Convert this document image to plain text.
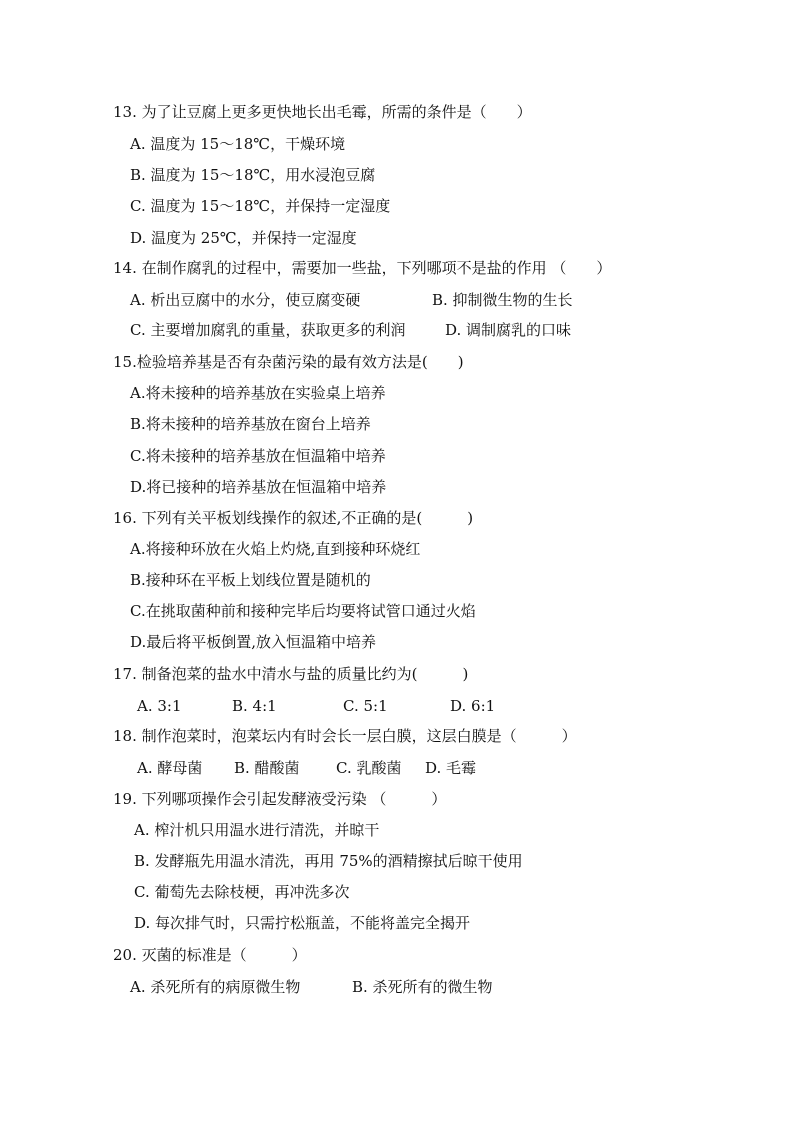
13. 为了让豆腐上更多更快地长出毛霉，所需的条件是（　　）
A. 温度为 15～18℃，干燥环境
B. 温度为 15～18℃，用水浸泡豆腐
C. 温度为 15～18℃，并保持一定湿度
D. 温度为 25℃，并保持一定湿度
14. 在制作腐乳的过程中，需要加一些盐，下列哪项不是盐的作用 （　　）
A. 析出豆腐中的水分，使豆腐变硬	B. 抑制微生物的生长
C. 主要增加腐乳的重量，获取更多的利润	D. 调制腐乳的口味
15.检验培养基是否有杂菌污染的最有效方法是(　　)
A.将未接种的培养基放在实验桌上培养
B.将未接种的培养基放在窗台上培养
C.将未接种的培养基放在恒温箱中培养
D.将已接种的培养基放在恒温箱中培养
16. 下列有关平板划线操作的叙述,不正确的是(　　　)
A.将接种环放在火焰上灼烧,直到接种环烧红
B.接种环在平板上划线位置是随机的
C.在挑取菌种前和接种完毕后均要将试管口通过火焰
D.最后将平板倒置,放入恒温箱中培养
17. 制备泡菜的盐水中清水与盐的质量比约为(　　　)
A. 3:1	B. 4:1	C. 5:1	D. 6:1
18. 制作泡菜时，泡菜坛内有时会长一层白膜，这层白膜是（　　　）
A. 酵母菌 B. 醋酸菌 C. 乳酸菌 D. 毛霉
19. 下列哪项操作会引起发酵液受污染 （　　　）
A. 榨汁机只用温水进行清洗，并晾干
B. 发酵瓶先用温水清洗，再用 75%的酒精擦拭后晾干使用
C. 葡萄先去除枝梗，再冲洗多次
D. 每次排气时，只需拧松瓶盖，不能将盖完全揭开
20. 灭菌的标准是（　　　）
A. 杀死所有的病原微生物	B. 杀死所有的微生物
